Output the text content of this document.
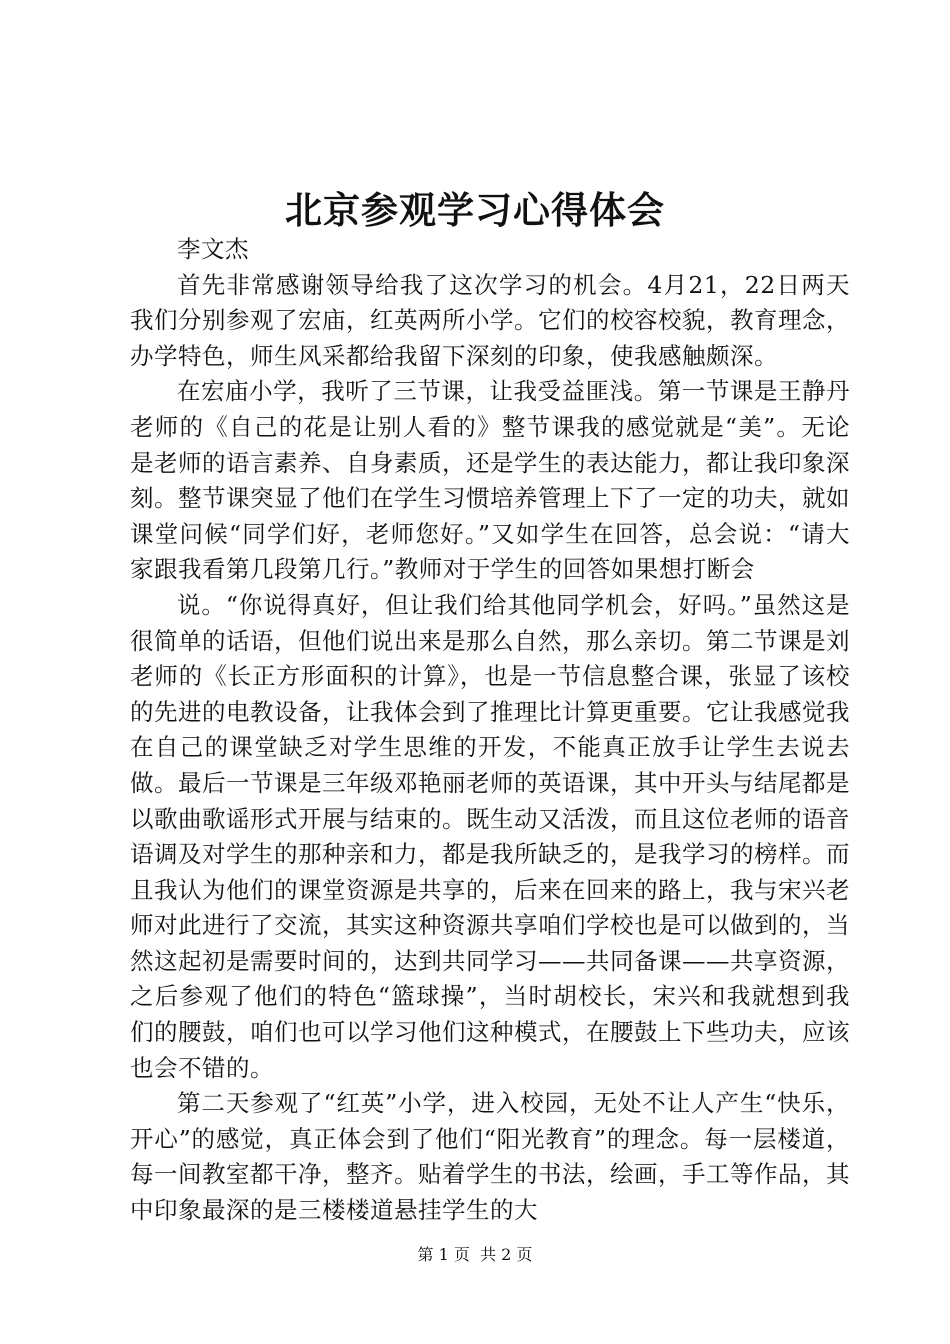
北京参观学习心得体会

李文杰

首先非常感谢领导给我了这次学习的机会。4月21，22日两天我们分别参观了宏庙，红英两所小学。它们的校容校貌，教育理念，办学特色，师生风采都给我留下深刻的印象，使我感触颇深。

在宏庙小学，我听了三节课，让我受益匪浅。第一节课是王静丹老师的《自己的花是让别人看的》整节课我的感觉就是“美”。无论是老师的语言素养、自身素质，还是学生的表达能力，都让我印象深刻。整节课突显了他们在学生习惯培养管理上下了一定的功夫，就如课堂问候“同学们好，老师您好。”又如学生在回答，总会说：“请大家跟我看第几段第几行。”教师对于学生的回答如果想打断会

说。“你说得真好，但让我们给其他同学机会，好吗。”虽然这是很简单的话语，但他们说出来是那么自然，那么亲切。第二节课是刘老师的《长正方形面积的计算》，也是一节信息整合课，张显了该校的先进的电教设备，让我体会到了推理比计算更重要。它让我感觉我在自己的课堂缺乏对学生思维的开发，不能真正放手让学生去说去做。最后一节课是三年级邓艳丽老师的英语课，其中开头与结尾都是以歌曲歌谣形式开展与结束的。既生动又活泼，而且这位老师的语音语调及对学生的那种亲和力，都是我所缺乏的，是我学习的榜样。而且我认为他们的课堂资源是共享的，后来在回来的路上，我与宋兴老师对此进行了交流，其实这种资源共享咱们学校也是可以做到的，当然这起初是需要时间的，达到共同学习——共同备课——共享资源，之后参观了他们的特色“篮球操”，当时胡校长，宋兴和我就想到我们的腰鼓，咱们也可以学习他们这种模式，在腰鼓上下些功夫，应该也会不错的。

第二天参观了“红英”小学，进入校园，无处不让人产生“快乐，开心”的感觉，真正体会到了他们“阳光教育”的理念。每一层楼道，每一间教室都干净，整齐。贴着学生的书法，绘画，手工等作品，其中印象最深的是三楼楼道悬挂学生的大

第 1 页  共 2 页
